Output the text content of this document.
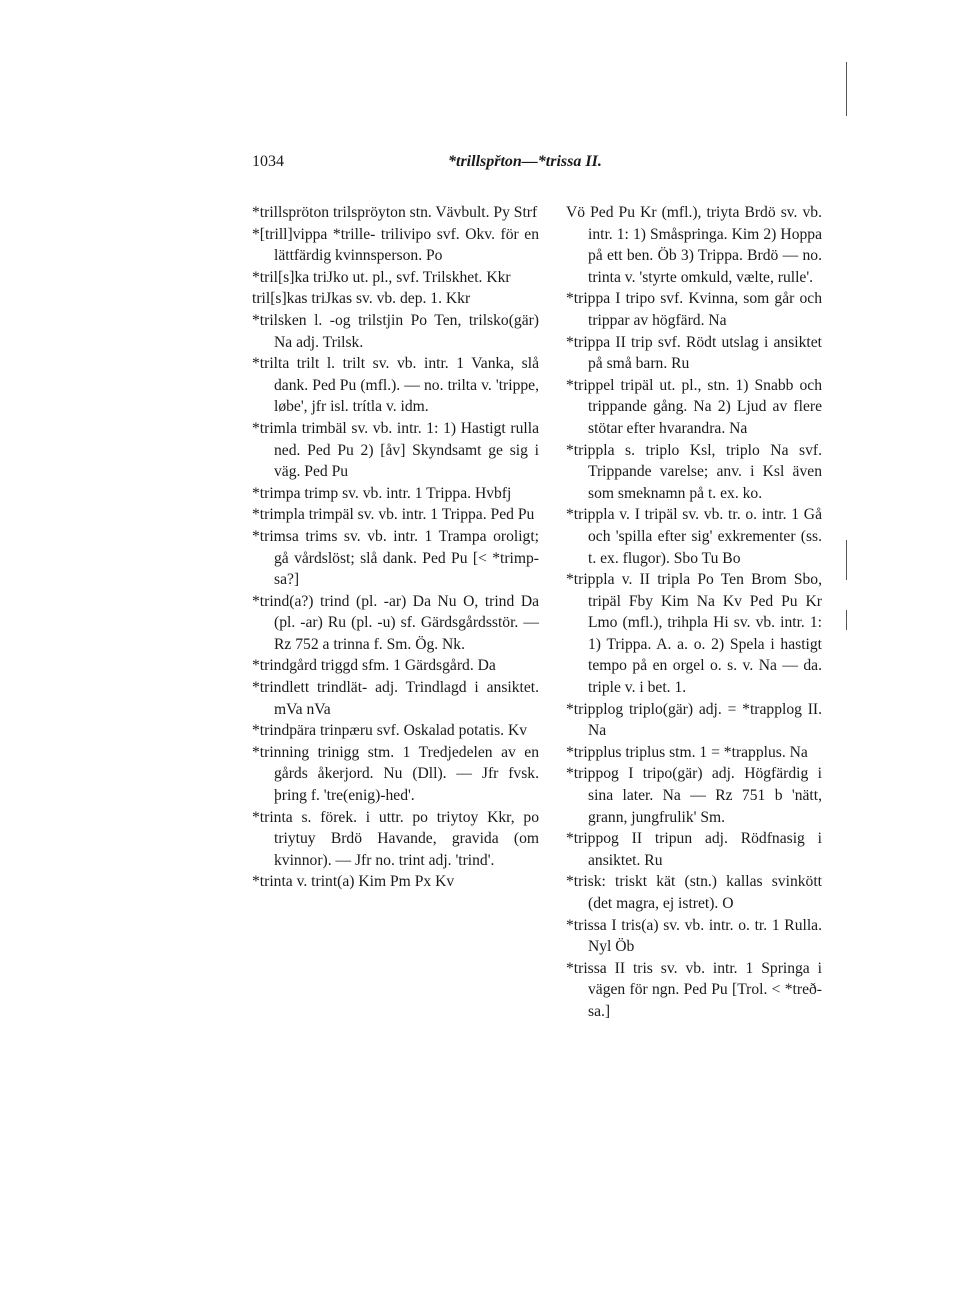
1034	*trillspřton—*trissa II.

*trillspröton trilspröyton stn. Vävbult. Py Strf

*[trill]vippa *trille- trilivipo svf. Okv. för en lättfärdig kvinnsperson. Po

*tril[s]ka triJko ut. pl., svf. Trilskhet. Kkr

tril[s]kas triJkas sv. vb. dep. 1. Kkr

*trilsken l. -og trilstjin Po Ten, trilsko(gär) Na adj. Trilsk.

*trilta trilt l. trilt sv. vb. intr. 1 Vanka, slå dank. Ped Pu (mfl.). — no. trilta v. 'trippe, løbe', jfr isl. trítla v. idm.

*trimla trimbäl sv. vb. intr. 1: 1) Hastigt rulla ned. Ped Pu 2) [åv] Skyndsamt ge sig i väg. Ped Pu

*trimpa trimp sv. vb. intr. 1 Trippa. Hvbfj

*trimpla trimpäl sv. vb. intr. 1 Trippa. Ped Pu

*trimsa trims sv. vb. intr. 1 Trampa oroligt; gå vårdslöst; slå dank. Ped Pu [< *trimp-sa?]

*trind(a?) trind (pl. -ar) Da Nu O, trind Da (pl. -ar) Ru (pl. -u) sf. Gärdsgårdsstör. — Rz 752 a trinna f. Sm. Ög. Nk.

*trindgård triggd sfm. 1 Gärdsgård. Da

*trindlett trindlät- adj. Trindlagd i ansiktet. mVa nVa

*trindpära trinpæru svf. Oskalad potatis. Kv

*trinning trinigg stm. 1 Tredjedelen av en gårds åkerjord. Nu (Dll). — Jfr fvsk. þring f. 'tre(enig)-hed'.

*trinta s. förek. i uttr. po triytoy Kkr, po triytuy Brdö Havande, gravida (om kvinnor). — Jfr no. trint adj. 'trind'.

*trinta v. trint(a) Kim Pm Px Kv

Vö Ped Pu Kr (mfl.), triyta Brdö sv. vb. intr. 1: 1) Småspringa. Kim 2) Hoppa på ett ben. Öb 3) Trippa. Brdö — no. trinta v. 'styrte omkuld, vælte, rulle'.

*trippa I tripo svf. Kvinna, som går och trippar av högfärd. Na

*trippa II trip svf. Rödt utslag i ansiktet på små barn. Ru

*trippel tripäl ut. pl., stn. 1) Snabb och trippande gång. Na 2) Ljud av flere stötar efter hvarandra. Na

*trippla s. triplo Ksl, triplo Na svf. Trippande varelse; anv. i Ksl även som smeknamn på t. ex. ko.

*trippla v. I tripäl sv. vb. tr. o. intr. 1 Gå och 'spilla efter sig' exkrementer (ss. t. ex. flugor). Sbo Tu Bo

*trippla v. II tripla Po Ten Brom Sbo, tripäl Fby Kim Na Kv Ped Pu Kr Lmo (mfl.), trihpla Hi sv. vb. intr. 1: 1) Trippa. A. a. o. 2) Spela i hastigt tempo på en orgel o. s. v. Na — da. triple v. i bet. 1.

*tripplog triplo(gär) adj. = *trapplog II. Na

*tripplus triplus stm. 1 = *trapplus. Na

*trippog I tripo(gär) adj. Högfärdig i sina later. Na — Rz 751 b 'nätt, grann, jungfrulik' Sm.

*trippog II tripun adj. Rödfnasig i ansiktet. Ru

*trisk: triskt kät (stn.) kallas svinkött (det magra, ej istret). O

*trissa I tris(a) sv. vb. intr. o. tr. 1 Rulla. Nyl Öb

*trissa II tris sv. vb. intr. 1 Springa i vägen för ngn. Ped Pu [Trol. < *treð-sa.]
